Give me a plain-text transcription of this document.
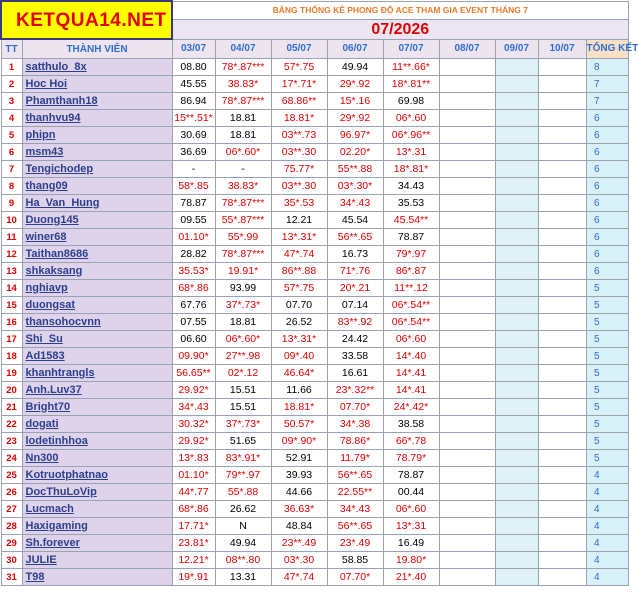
KETQUA14.NET		BẢNG THỐNG KÊ PHONG ĐỘ ACE THAM GIA EVENT THÁNG 7								
		07/2026								
TT	THÀNH VIÊN	03/07	04/07	05/07	06/07	07/07	08/07	09/07	10/07	TỔNG KẾT
1	satthulo_8x	08.80	78*.87***	57*.75	49.94	11**.66*				8
2	Hoc Hoi	45.55	38.83*	17*.71*	29*.92	18*.81**				7
3	Phamthanh18	86.94	78*.87***	68.86**	15*.16	69.98				7
4	thanhvu94	15**.51*	18.81	18.81*	29*.92	06*.60				6
5	phipn	30.69	18.81	03**.73	96.97*	06*.96**				6
6	msm43	36.69	06*.60*	03**.30	02.20*	13*.31				6
7	Tengichodep	-	-	75.77*	55**.88	18*.81*				6
8	thang09	58*.85	38.83*	03**.30	03*.30*	34.43				6
9	Ha_Van_Hung	78.87	78*.87***	35*.53	34*.43	35.53				6
10	Duong145	09.55	55*.87***	12.21	45.54	45.54**				6
11	winer68	01.10*	55*.99	13*.31*	56**.65	78.87				6
12	Taithan8686	28.82	78*.87***	47*.74	16.73	79*.97				6
13	shkaksang	35.53*	19.91*	86**.88	71*.76	86*.87				6
14	nghiavp	68*.86	93.99	57*.75	20*.21	11**.12				5
15	duongsat	67.76	37*.73*	07.70	07.14	06*.54**				5
16	thansohocvnn	07.55	18.81	26.52	83**.92	06*.54**				5
17	Shi_Su	06.60	06*.60*	13*.31*	24.42	06*.60				5
18	Ad1583	09.90*	27**.98	09*.40	33.58	14*.40				5
19	khanhtrangls	56.65**	02*.12	46.64*	16.61	14*.41				5
20	Anh.Luv37	29.92*	15.51	11.66	23*.32**	14*.41				5
21	Bright70	34*.43	15.51	18.81*	07.70*	24*.42*				5
22	dogati	30.32*	37*.73*	50.57*	34*.38	38.58				5
23	lodetinhhoa	29.92*	51.65	09*.90*	78.86*	66*.78				5
24	Nn300	13*.83	83*.91*	52.91	11.79*	78.79*				5
25	Kotruotphatnao	01.10*	79**.97	39.93	56**.65	78.87				4
26	DocThuLoVip	44*.77	55*.88	44.66	22.55**	00.44				4
27	Lucmach	68*.86	26.62	36.63*	34*.43	06*.60				4
28	Haxigaming	17.71*	N	48.84	56**.65	13*.31				4
29	Sh.forever	23.81*	49.94	23**.49	23*.49	16.49				4
30	JULIE	12.21*	08**.80	03*.30	58.85	19.80*				4
31	T98	19*.91	13.31	47*.74	07.70*	21*.40				4
